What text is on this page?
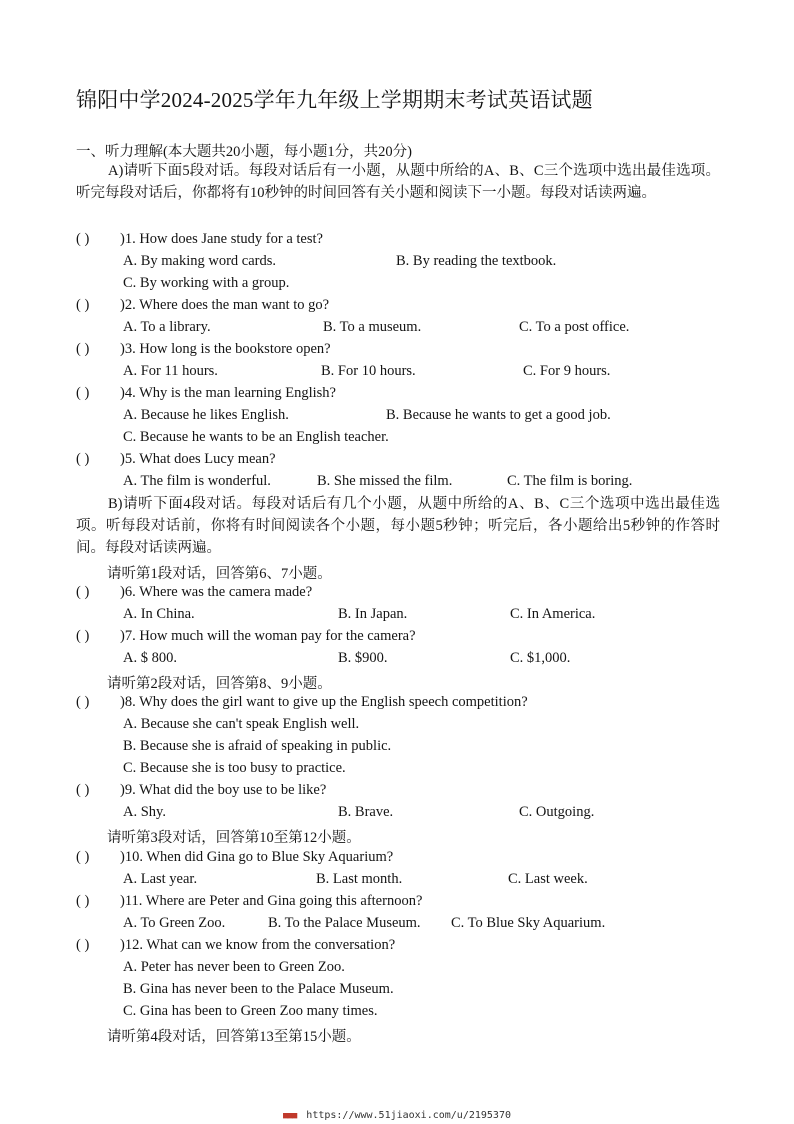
锦阳中学2024-2025学年九年级上学期期末考试英语试题
一、听力理解(本大题共20小题，每小题1分，共20分)
A)请听下面5段对话。每段对话后有一小题，从题中所给的A、B、C三个选项中选出最佳选项。听完每段对话后，你都将有10秒钟的时间回答有关小题和阅读下一小题。每段对话读两遍。
( ) )1. How does Jane study for a test?
A. By making word cards.	B. By reading the textbook.
C. By working with a group.
( ) )2. Where does the man want to go?
A. To a library.	B. To a museum.	C. To a post office.
( ) )3. How long is the bookstore open?
A. For 11 hours.	B. For 10 hours.	C. For 9 hours.
( ) )4. Why is the man learning English?
A. Because he likes English.	B. Because he wants to get a good job.
C. Because he wants to be an English teacher.
( ) )5. What does Lucy mean?
A. The film is wonderful.	B. She missed the film.	C. The film is boring.
B)请听下面4段对话。每段对话后有几个小题，从题中所给的A、B、C三个选项中选出最佳选项。听每段对话前，你将有时间阅读各个小题，每小题5秒钟；听完后，各小题给出5秒钟的作答时间。每段对话读两遍。
请听第1段对话，回答第6、7小题。
( ) )6. Where was the camera made?
A. In China.	B. In Japan.	C. In America.
( ) )7. How much will the woman pay for the camera?
A. $ 800.	B. $900.	C. $1,000.
请听第2段对话，回答第8、9小题。
( ) )8. Why does the girl want to give up the English speech competition?
A. Because she can't speak English well.
B. Because she is afraid of speaking in public.
C. Because she is too busy to practice.
( ) )9. What did the boy use to be like?
A. Shy.	B. Brave.	C. Outgoing.
请听第3段对话，回答第10至第12小题。
( ) )10. When did Gina go to Blue Sky Aquarium?
A. Last year.	B. Last month.	C. Last week.
( ) )11. Where are Peter and Gina going this afternoon?
A. To Green Zoo.	B. To the Palace Museum. C. To Blue Sky Aquarium.
( ) )12. What can we know from the conversation?
A. Peter has never been to Green Zoo.
B. Gina has never been to the Palace Museum.
C. Gina has been to Green Zoo many times.
请听第4段对话，回答第13至第15小题。
■■■ https://www.51jiaoxi.com/u/2195370
